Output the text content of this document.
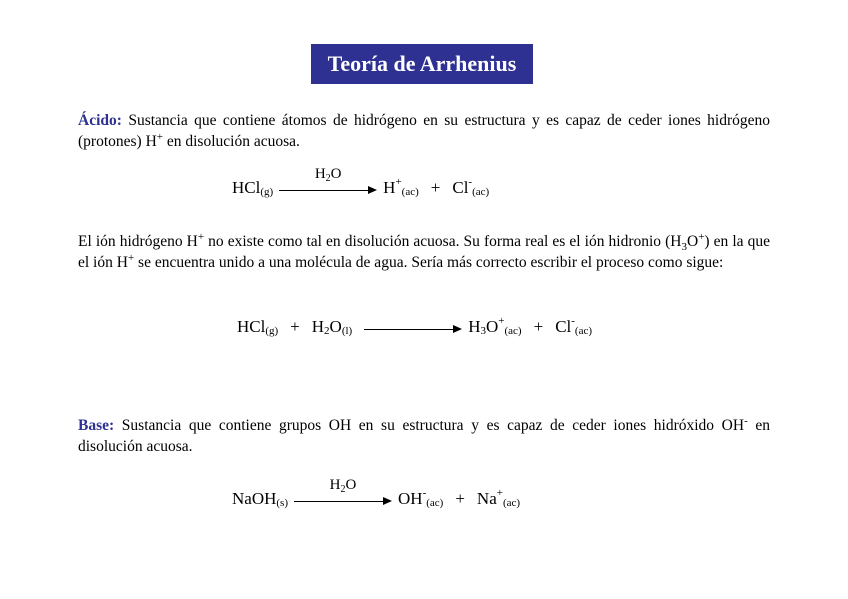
Teoría de Arrhenius

Ácido: Sustancia que contiene átomos de hidrógeno en su estructura y es capaz de ceder iones hidrógeno (protones) H+ en disolución acuosa.

HCl$_{(g)}$
$H_2O$
H+
$_{(ac)}$ + Cl-
$_{(ac)}$

El ión hidrógeno H+ no existe como tal en disolución acuosa. Su forma real es el ión hidronio $(H_3O^+)$ en la que el ión H+ se encuentra unido a una molécula de agua. Sería más correcto escribir el proceso como sigue:

$HCl_{(g)} + H_2$ $O_{(l)}$	$H_3$ O+
$_{(ac)}$ + Cl-
$_{(ac)}$

Base: Sustancia que contiene grupos OH en su estructura y es capaz de ceder iones hidróxido OH- en disolución acuosa.

NaOH$_{(s)}$
$H_2O$
OH-
$_{(ac)}$ + Na+
$_{(ac)}$
